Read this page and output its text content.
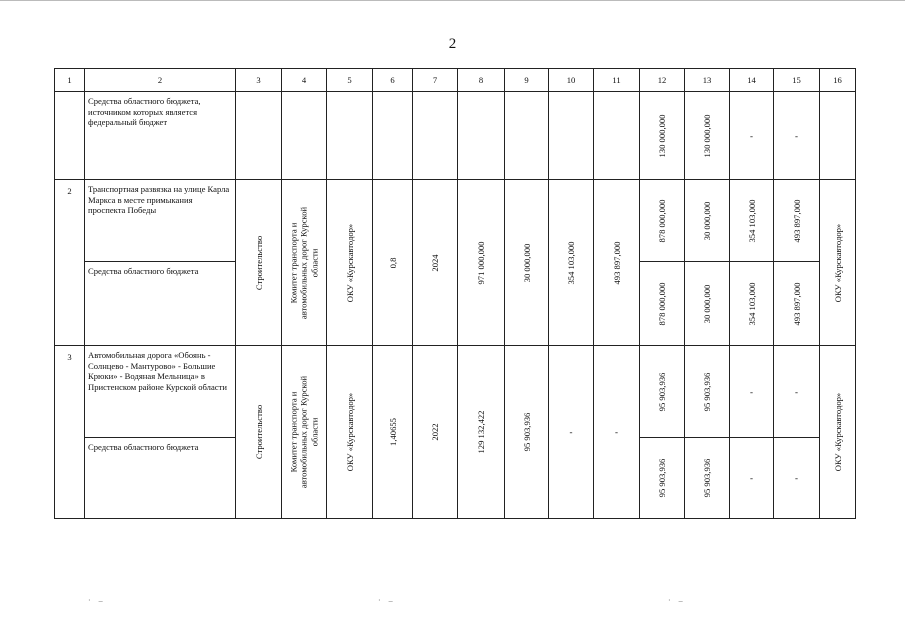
2
1	2	3	4	5	6	7	8	9	10	11	12	13	14	15	16
	Средства областного бюджета, источником которых является федеральный бюджет										130 000,000	130 000,000	-	-	

2	Транспортная развязка на улице Карла Маркса в месте примыкания проспекта Победы	Строительство	Комитет транспорта и
автомобильных дорог Курской
области	ОКУ «Курскавтодор»	0,8	2024	971 000,000	30 000,000	354 103,000	493 897,000	878 000,000	30 000,000	354 103,000	493 897,000	ОКУ «Курскавтодор»

	Средства областного бюджета										878 000,000	30 000,000	354 103,000	493 897,000	

3	Автомобильная дорога «Обоянь - Солнцево - Мантурово» - Большие Крюки» - Водяная Мельница» в Пристенском районе Курской области	Строительство	Комитет транспорта и
автомобильных дорог Курской
области	ОКУ «Курскавтодор»	1,40655	2022	129 132,422	95 903,936	-	-	95 903,936	95 903,936	-	-	ОКУ «Курскавтодор»

	Средства областного бюджета										95 903,936	95 903,936	-	-	
·    ‒	·    ‒	·    ‒
